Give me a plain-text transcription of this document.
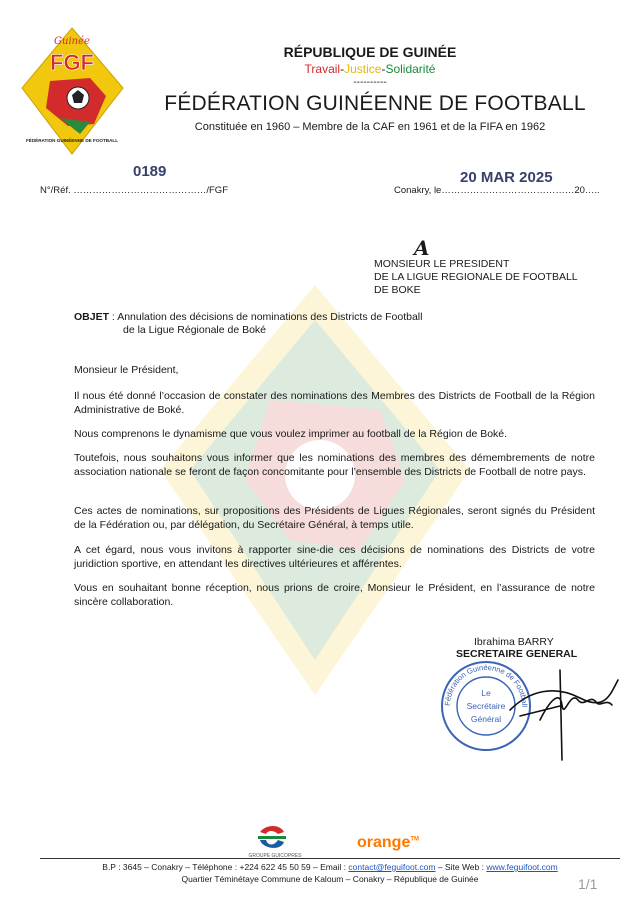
Guinée
FGF
FÉDÉRATION GUINÉENNE DE FOOTBALL
RÉPUBLIQUE DE GUINÉE
Travail-Justice-Solidarité
----------
FÉDÉRATION GUINÉENNE DE FOOTBALL
Constituée en 1960 – Membre de la CAF en 1961 et de la FIFA en 1962
0189
N°/Réf. ……………………………………/FGF
20 MAR 2025
Conakry, le……………………………………20…..
A
MONSIEUR LE PRESIDENT
DE LA LIGUE REGIONALE DE FOOTBALL
DE BOKE
OBJET : Annulation des décisions de nominations des Districts de Football
de la Ligue Régionale de Boké
Monsieur le Président,
Il nous été donné l’occasion de constater des nominations des Membres des Districts de Football de la Région Administrative de Boké.
Nous comprenons le dynamisme que vous voulez imprimer au football de la Région de Boké.
Toutefois, nous souhaitons vous informer que les nominations des membres des démembrements de notre association nationale se feront de façon concomitante pour l’ensemble des Districts de Football de notre pays.
Ces actes de nominations, sur propositions des Présidents de Ligues Régionales, seront signés du Président de la Fédération ou, par délégation, du Secrétaire Général, à temps utile.
A cet égard, nous vous invitons à rapporter sine-die ces décisions de nominations des Districts de votre juridiction sportive, en attendant les directives ultérieures et afférentes.
Vous en souhaitant bonne réception, nous prions de croire, Monsieur le Président, en l’assurance de notre sincère collaboration.
Ibrahima BARRY
SECRETAIRE GENERAL
Fédération Guinéenne de Football
Le
Secrétaire
Général
GROUPE GUICOPRES
orange™
B.P : 3645 – Conakry – Téléphone : +224 622 45 50 59 – Email : contact@feguifoot.com – Site Web : www.feguifoot.com
Quartier Téminétaye Commune de Kaloum – Conakry – République de Guinée	1/1
